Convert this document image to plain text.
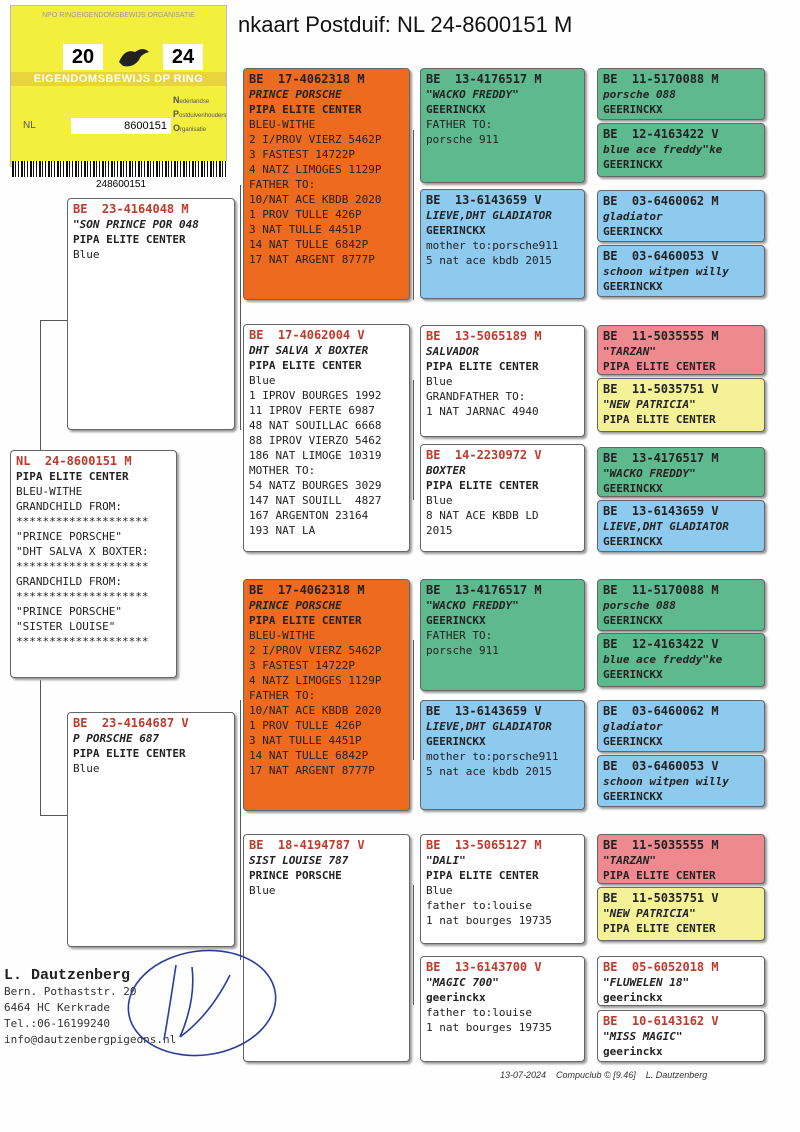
nkaart Postduif: NL 24-8600151 M
NPO RINGEIGENDOMSBEWIJS ORGANISATIE
20	24
EIGENDOMSBEWIJS DP RING
Nederlandse
Postduivenhouders
Organisatie
NL	8600151
248600151
NL  24-8600151 M
PIPA ELITE CENTER
BLEU-WITHE
GRANDCHILD FROM:
********************
"PRINCE PORSCHE"
"DHT SALVA X BOXTER:
********************
GRANDCHILD FROM:
********************
"PRINCE PORSCHE"
"SISTER LOUISE"
********************
BE  23-4164048 M
"SON PRINCE POR 048
PIPA ELITE CENTER
Blue
BE  23-4164687 V
P PORSCHE 687
PIPA ELITE CENTER
Blue
BE  17-4062318 M
PRINCE PORSCHE
PIPA ELITE CENTER
BLEU-WITHE
2 I/PROV VIERZ 5462P
3 FASTEST 14722P
4 NATZ LIMOGES 1129P
FATHER TO:
10/NAT ACE KBDB 2020
1 PROV TULLE 426P
3 NAT TULLE 4451P
14 NAT TULLE 6842P
17 NAT ARGENT 8777P
BE  17-4062004 V
DHT SALVA X BOXTER
PIPA ELITE CENTER
Blue
1 IPROV BOURGES 1992
11 IPROV FERTE 6987
48 NAT SOUILLAC 6668
88 IPROV VIERZO 5462
186 NAT LIMOGE 10319
MOTHER TO:
54 NATZ BOURGES 3029
147 NAT SOUILL  4827
167 ARGENTON 23164
193 NAT LA
BE  17-4062318 M
PRINCE PORSCHE
PIPA ELITE CENTER
BLEU-WITHE
2 I/PROV VIERZ 5462P
3 FASTEST 14722P
4 NATZ LIMOGES 1129P
FATHER TO:
10/NAT ACE KBDB 2020
1 PROV TULLE 426P
3 NAT TULLE 4451P
14 NAT TULLE 6842P
17 NAT ARGENT 8777P
BE  18-4194787 V
SIST LOUISE 787
PRINCE PORSCHE
Blue
BE  13-4176517 M
"WACKO FREDDY"
GEERINCKX
FATHER TO:
porsche 911
BE  13-6143659 V
LIEVE,DHT GLADIATOR
GEERINCKX
mother to:porsche911
5 nat ace kbdb 2015
BE  13-5065189 M
SALVADOR
PIPA ELITE CENTER
Blue
GRANDFATHER TO:
1 NAT JARNAC 4940
BE  14-2230972 V
BOXTER
PIPA ELITE CENTER
Blue
8 NAT ACE KBDB LD
2015
BE  13-4176517 M
"WACKO FREDDY"
GEERINCKX
FATHER TO:
porsche 911
BE  13-6143659 V
LIEVE,DHT GLADIATOR
GEERINCKX
mother to:porsche911
5 nat ace kbdb 2015
BE  13-5065127 M
"DALI"
PIPA ELITE CENTER
Blue
father to:louise
1 nat bourges 19735
BE  13-6143700 V
"MAGIC 700"
geerinckx
father to:louise
1 nat bourges 19735
BE  11-5170088 M
porsche 088
GEERINCKX
BE  12-4163422 V
blue ace freddy"ke
GEERINCKX
BE  03-6460062 M
gladiator
GEERINCKX
BE  03-6460053 V
schoon witpen willy
GEERINCKX
BE  11-5035555 M
"TARZAN"
PIPA ELITE CENTER
BE  11-5035751 V
"NEW PATRICIA"
PIPA ELITE CENTER
BE  13-4176517 M
"WACKO FREDDY"
GEERINCKX
BE  13-6143659 V
LIEVE,DHT GLADIATOR
GEERINCKX
BE  11-5170088 M
porsche 088
GEERINCKX
BE  12-4163422 V
blue ace freddy"ke
GEERINCKX
BE  03-6460062 M
gladiator
GEERINCKX
BE  03-6460053 V
schoon witpen willy
GEERINCKX
BE  11-5035555 M
"TARZAN"
PIPA ELITE CENTER
BE  11-5035751 V
"NEW PATRICIA"
PIPA ELITE CENTER
BE  05-6052018 M
"FLUWELEN 18"
geerinckx
BE  10-6143162 V
"MISS MAGIC"
geerinckx
L. Dautzenberg
Bern. Pothaststr. 20
6464 HC Kerkrade
Tel.:06-16199240
info@dautzenbergpigeons.nl
13-07-2024    Compuclub © [9.46]    L. Dautzenberg
